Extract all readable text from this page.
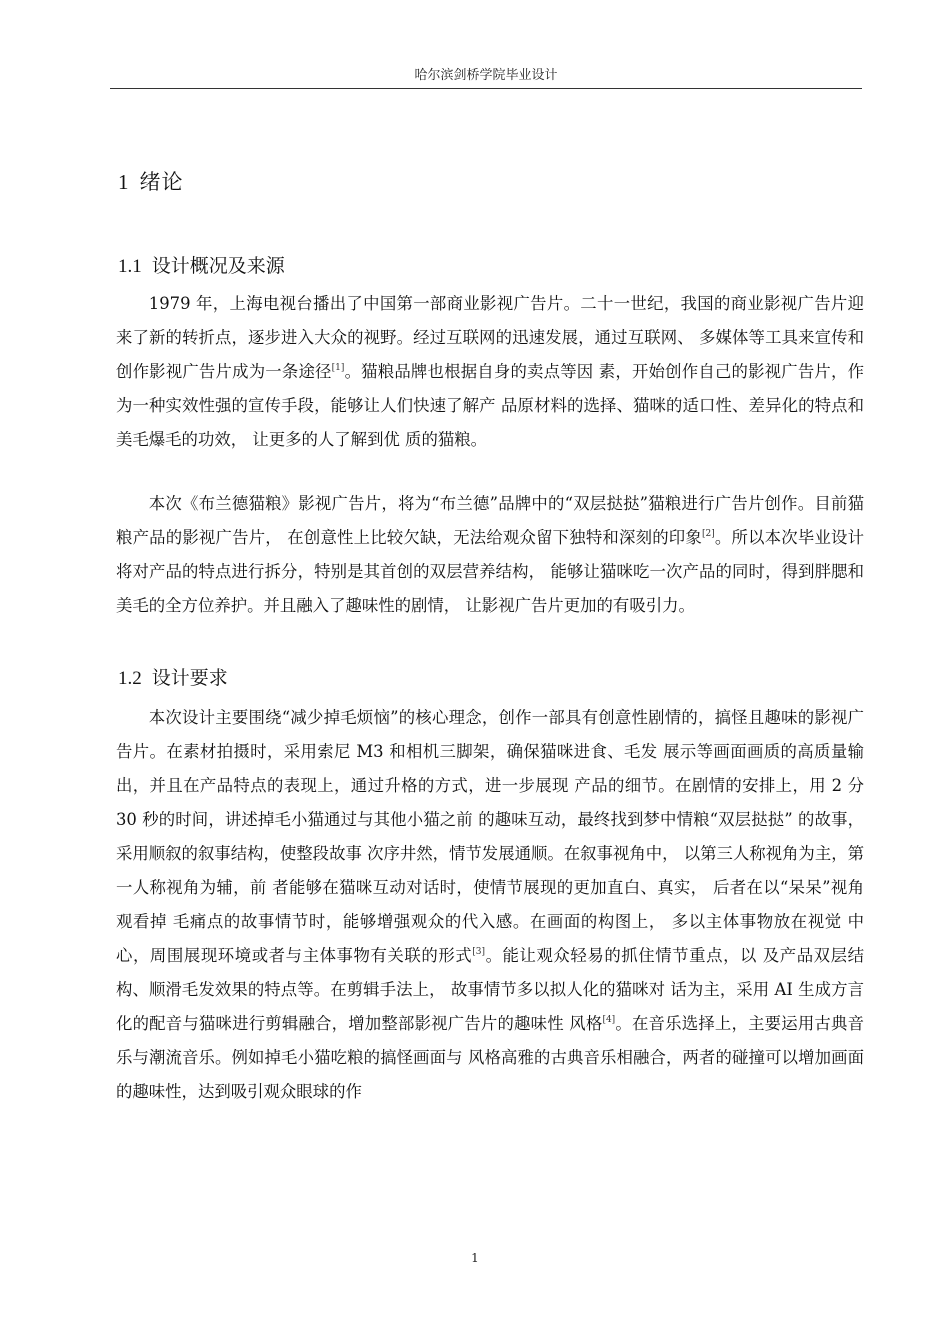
哈尔滨剑桥学院毕业设计
1 绪论
1.1 设计概况及来源

1979 年，上海电视台播出了中国第一部商业影视广告片。二十一世纪，我国的商业影视广告片迎来了新的转折点，逐步进入大众的视野。经过互联网的迅速发展，通过互联网、 多媒体等工具来宣传和创作影视广告片成为一条途径[1]。猫粮品牌也根据自身的卖点等因 素，开始创作自己的影视广告片，作为一种实效性强的宣传手段，能够让人们快速了解产 品原材料的选择、猫咪的适口性、差异化的特点和美毛爆毛的功效， 让更多的人了解到优 质的猫粮。

本次《布兰德猫粮》影视广告片，将为“布兰德”品牌中的“双层挞挞”猫粮进行广告片创作。目前猫粮产品的影视广告片， 在创意性上比较欠缺，无法给观众留下独特和深刻的印象[2]。所以本次毕业设计将对产品的特点进行拆分，特别是其首创的双层营养结构， 能够让猫咪吃一次产品的同时，得到胖腮和美毛的全方位养护。并且融入了趣味性的剧情， 让影视广告片更加的有吸引力。

1.2 设计要求

本次设计主要围绕“减少掉毛烦恼”的核心理念，创作一部具有创意性剧情的，搞怪且趣味的影视广告片。在素材拍摄时，采用索尼 M3 和相机三脚架，确保猫咪进食、毛发 展示等画面画质的高质量输出，并且在产品特点的表现上，通过升格的方式，进一步展现 产品的细节。在剧情的安排上，用 2 分 30 秒的时间，讲述掉毛小猫通过与其他小猫之前 的趣味互动，最终找到梦中情粮“双层挞挞” 的故事，采用顺叙的叙事结构，使整段故事 次序井然，情节发展通顺。在叙事视角中， 以第三人称视角为主，第一人称视角为辅，前 者能够在猫咪互动对话时，使情节展现的更加直白、真实， 后者在以“呆呆”视角观看掉 毛痛点的故事情节时，能够增强观众的代入感。在画面的构图上， 多以主体事物放在视觉 中心，周围展现环境或者与主体事物有关联的形式[3]。能让观众轻易的抓住情节重点，以 及产品双层结构、顺滑毛发效果的特点等。在剪辑手法上， 故事情节多以拟人化的猫咪对 话为主，采用 AI 生成方言化的配音与猫咪进行剪辑融合，增加整部影视广告片的趣味性 风格[4]。在音乐选择上，主要运用古典音乐与潮流音乐。例如掉毛小猫吃粮的搞怪画面与 风格高雅的古典音乐相融合，两者的碰撞可以增加画面的趣味性，达到吸引观众眼球的作

1
